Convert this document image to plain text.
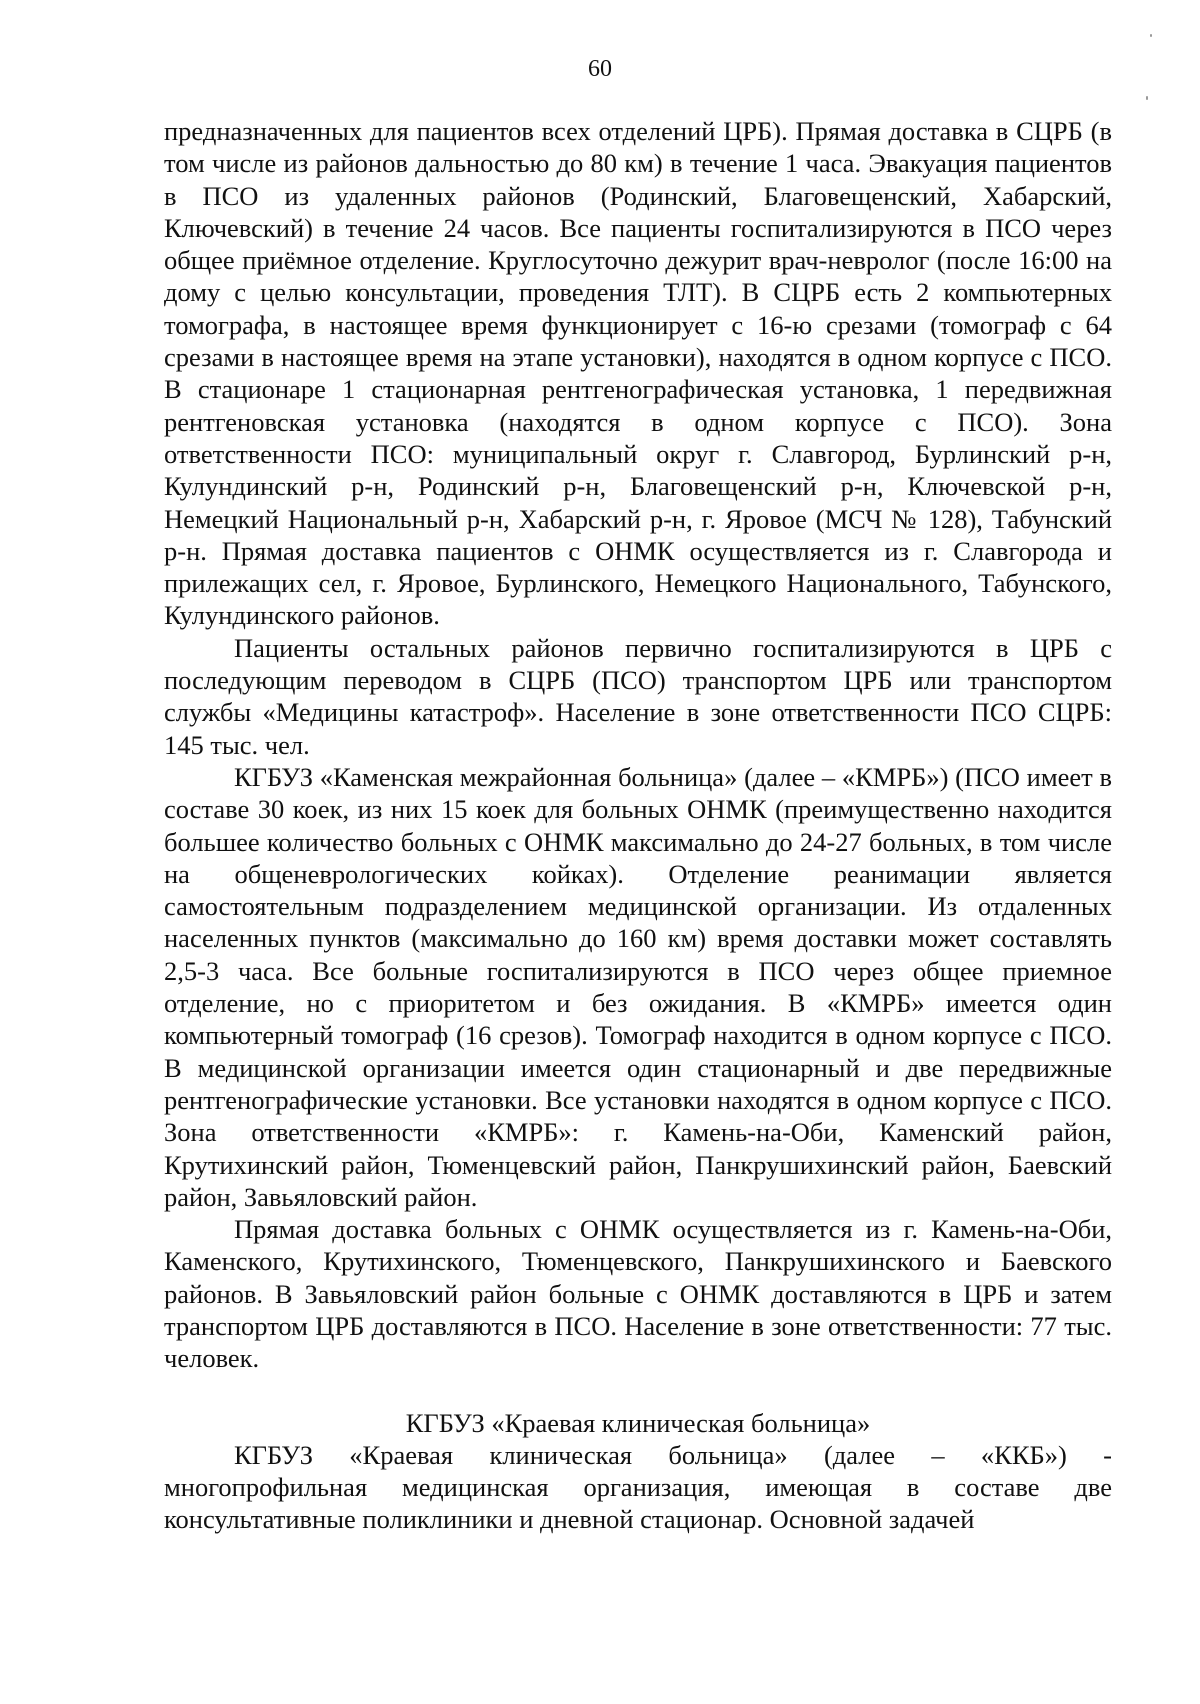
60

предназначенных для пациентов всех отделений ЦРБ). Прямая доставка в СЦРБ (в том числе из районов дальностью до 80 км) в течение 1 часа. Эвакуация пациентов в ПСО из удаленных районов (Родинский, Благовещенский, Хабарский, Ключевский) в течение 24 часов. Все пациенты госпитализируются в ПСО через общее приёмное отделение. Круглосуточно дежурит врач-невролог (после 16:00 на дому с целью консультации, проведения ТЛТ). В СЦРБ есть 2 компьютерных томографа, в настоящее время функционирует с 16-ю срезами (томограф с 64 срезами в настоящее время на этапе установки), находятся в одном корпусе с ПСО. В стационаре 1 стационарная рентгенографическая установка, 1 передвижная рентгеновская установка (находятся в одном корпусе с ПСО). Зона ответственности ПСО: муниципальный округ г. Славгород, Бурлинский р-н, Кулундинский р-н, Родинский р-н, Благовещенский р-н, Ключевской р-н, Немецкий Национальный р-н, Хабарский р-н, г. Яровое (МСЧ № 128), Табунский р-н. Прямая доставка пациентов с ОНМК осуществляется из г. Славгорода и прилежащих сел, г. Яровое, Бурлинского, Немецкого Национального, Табунского, Кулундинского районов.

Пациенты остальных районов первично госпитализируются в ЦРБ с последующим переводом в СЦРБ (ПСО) транспортом ЦРБ или транспортом службы «Медицины катастроф». Население в зоне ответственности ПСО СЦРБ: 145 тыс. чел.

КГБУЗ «Каменская межрайонная больница» (далее – «КМРБ») (ПСО имеет в составе 30 коек, из них 15 коек для больных ОНМК (преимущественно находится большее количество больных с ОНМК максимально до 24-27 больных, в том числе на общеневрологических койках). Отделение реанимации является самостоятельным подразделением медицинской организации. Из отдаленных населенных пунктов (максимально до 160 км) время доставки может составлять 2,5-3 часа. Все больные госпитализируются в ПСО через общее приемное отделение, но с приоритетом и без ожидания. В «КМРБ» имеется один компьютерный томограф (16 срезов). Томограф находится в одном корпусе с ПСО. В медицинской организации имеется один стационарный и две передвижные рентгенографические установки. Все установки находятся в одном корпусе с ПСО. Зона ответственности «КМРБ»: г. Камень-на-Оби, Каменский район, Крутихинский район, Тюменцевский район, Панкрушихинский район, Баевский район, Завьяловский район.

Прямая доставка больных с ОНМК осуществляется из г. Камень-на-Оби, Каменского, Крутихинского, Тюменцевского, Панкрушихинского и Баевского районов. В Завьяловский район больные с ОНМК доставляются в ЦРБ и затем транспортом ЦРБ доставляются в ПСО. Население в зоне ответственности: 77 тыс. человек.

КГБУЗ «Краевая клиническая больница»

КГБУЗ «Краевая клиническая больница» (далее – «ККБ») - многопрофильная медицинская организация, имеющая в составе две консультативные поликлиники и дневной стационар. Основной задачей
